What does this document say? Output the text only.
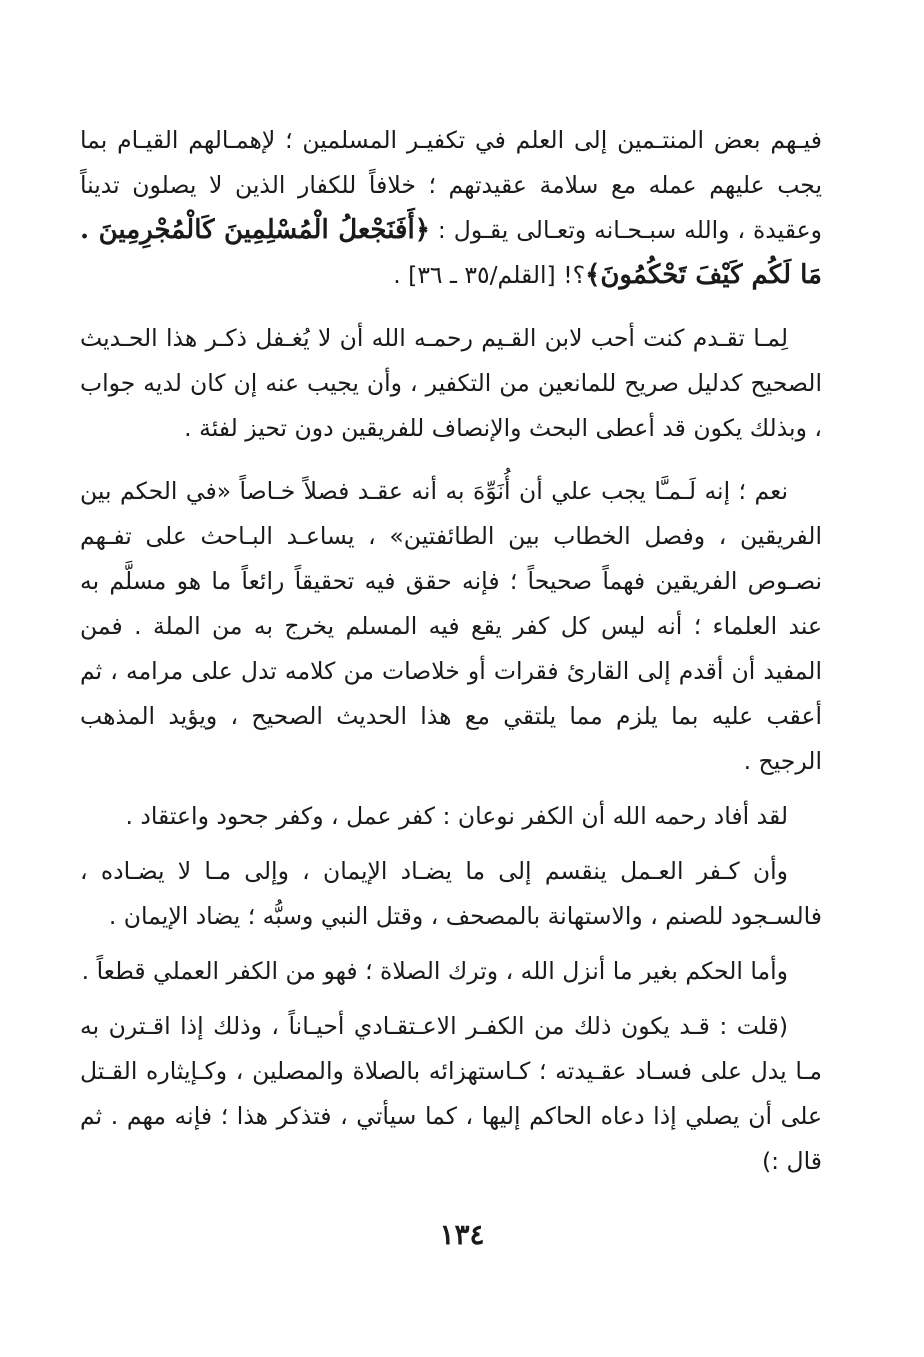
فيـهم بعض المنتـمين إلى العلم في تكفيـر المسلمين ؛ لإهمـالهم القيـام بما يجب عليهم عمله مع سلامة عقيدتهم ؛ خلافاً للكفار الذين لا يصلون تديناً وعقيدة ، والله سبـحـانه وتعـالى يقـول : ﴿أَفَنَجْعلُ الْمُسْلِمِينَ كَالْمُجْرِمِينَ . مَا لَكُم كَيْفَ تَحْكُمُونَ﴾؟! [القلم/٣٥ ـ ٣٦] .

لِمـا تقـدم كنت أحب لابن القـيم رحمـه الله أن لا يُغـفل ذكـر هذا الحـديث الصحيح كدليل صريح للمانعين من التكفير ، وأن يجيب عنه إن كان لديه جواب ، وبذلك يكون قد أعطى البحث والإنصاف للفريقين دون تحيز لفئة .

نعم ؛ إنه لَـمـَّا يجب علي أن أُنَوِّهَ به أنه عقـد فصلاً خـاصاً «في الحكم بين الفريقين ، وفصل الخطاب بين الطائفتين» ، يساعـد البـاحث على تفـهم نصـوص الفريقين فهماً صحيحاً ؛ فإنه حقق فيه تحقيقاً رائعاً ما هو مسلَّم به عند العلماء ؛ أنه ليس كل كفر يقع فيه المسلم يخرج به من الملة . فمن المفيد أن أقدم إلى القارئ فقرات أو خلاصات من كلامه تدل على مرامه ، ثم أعقب عليه بما يلزم مما يلتقي مع هذا الحديث الصحيح ، ويؤيد المذهب الرجيح .

لقد أفاد رحمه الله أن الكفر نوعان : كفر عمل ، وكفر جحود واعتقاد .

وأن كـفر العـمل ينقسم إلى ما يضـاد الإيمان ، وإلى مـا لا يضـاده ، فالسـجود للصنم ، والاستهانة بالمصحف ، وقتل النبي وسبُّه ؛ يضاد الإيمان .

وأما الحكم بغير ما أنزل الله ، وترك الصلاة ؛ فهو من الكفر العملي قطعاً .

(قلت : قـد يكون ذلك من الكفـر الاعـتقـادي أحيـاناً ، وذلك إذا اقـترن به مـا يدل على فسـاد عقـيدته ؛ كـاستهزائه بالصلاة والمصلين ، وكـإيثاره القـتل على أن يصلي إذا دعاه الحاكم إليها ، كما سيأتي ، فتذكر هذا ؛ فإنه مهم . ثم قال :)

١٣٤
